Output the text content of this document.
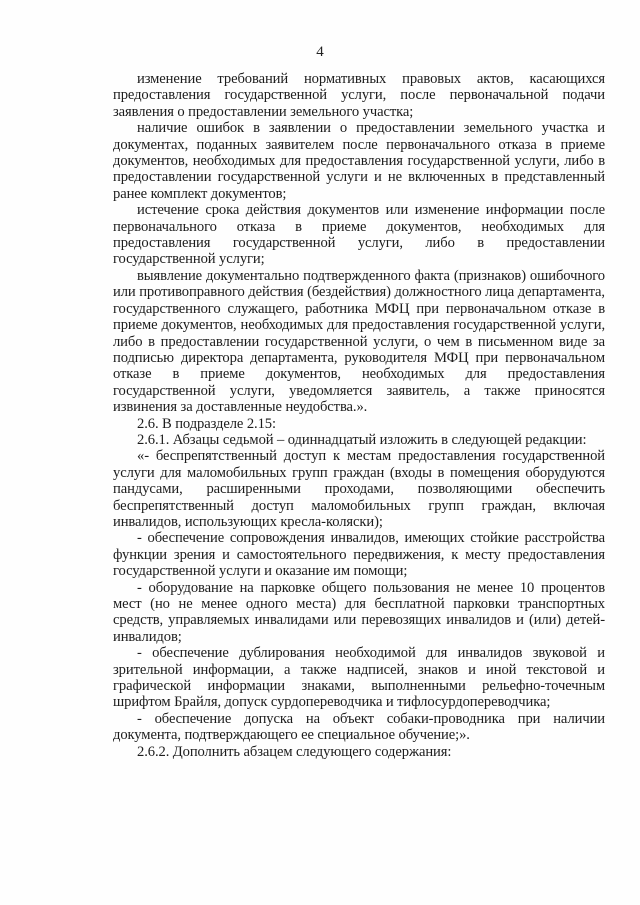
4

изменение требований нормативных правовых актов, касающихся предоставления государственной услуги, после первоначальной подачи заявления о предоставлении земельного участка;

наличие ошибок в заявлении о предоставлении земельного участка и документах, поданных заявителем после первоначального отказа в приеме документов, необходимых для предоставления государственной услуги, либо в предоставлении государственной услуги и не включенных в представленный ранее комплект документов;

истечение срока действия документов или изменение информации после первоначального отказа в приеме документов, необходимых для предоставления государственной услуги, либо в предоставлении государственной услуги;

выявление документально подтвержденного факта (признаков) ошибочного или противоправного действия (бездействия) должностного лица департамента, государственного служащего, работника МФЦ при первоначальном отказе в приеме документов, необходимых для предоставления государственной услуги, либо в предоставлении государственной услуги, о чем в письменном виде за подписью директора департамента, руководителя МФЦ при первоначальном отказе в приеме документов, необходимых для предоставления государственной услуги, уведомляется заявитель, а также приносятся извинения за доставленные неудобства.».

2.6. В подразделе 2.15:

2.6.1. Абзацы седьмой – одиннадцатый изложить в следующей редакции:

«- беспрепятственный доступ к местам предоставления государственной услуги для маломобильных групп граждан (входы в помещения оборудуются пандусами, расширенными проходами, позволяющими обеспечить беспрепятственный доступ маломобильных групп граждан, включая инвалидов, использующих кресла-коляски);

- обеспечение сопровождения инвалидов, имеющих стойкие расстройства функции зрения и самостоятельного передвижения, к месту предоставления государственной услуги и оказание им помощи;

- оборудование на парковке общего пользования не менее 10 процентов мест (но не менее одного места) для бесплатной парковки транспортных средств, управляемых инвалидами или перевозящих инвалидов и (или) детей-инвалидов;

- обеспечение дублирования необходимой для инвалидов звуковой и зрительной информации, а также надписей, знаков и иной текстовой и графической информации знаками, выполненными рельефно-точечным шрифтом Брайля, допуск сурдопереводчика и тифлосурдопереводчика;

- обеспечение допуска на объект собаки-проводника при наличии документа, подтверждающего ее специальное обучение;».

2.6.2. Дополнить абзацем следующего содержания:
